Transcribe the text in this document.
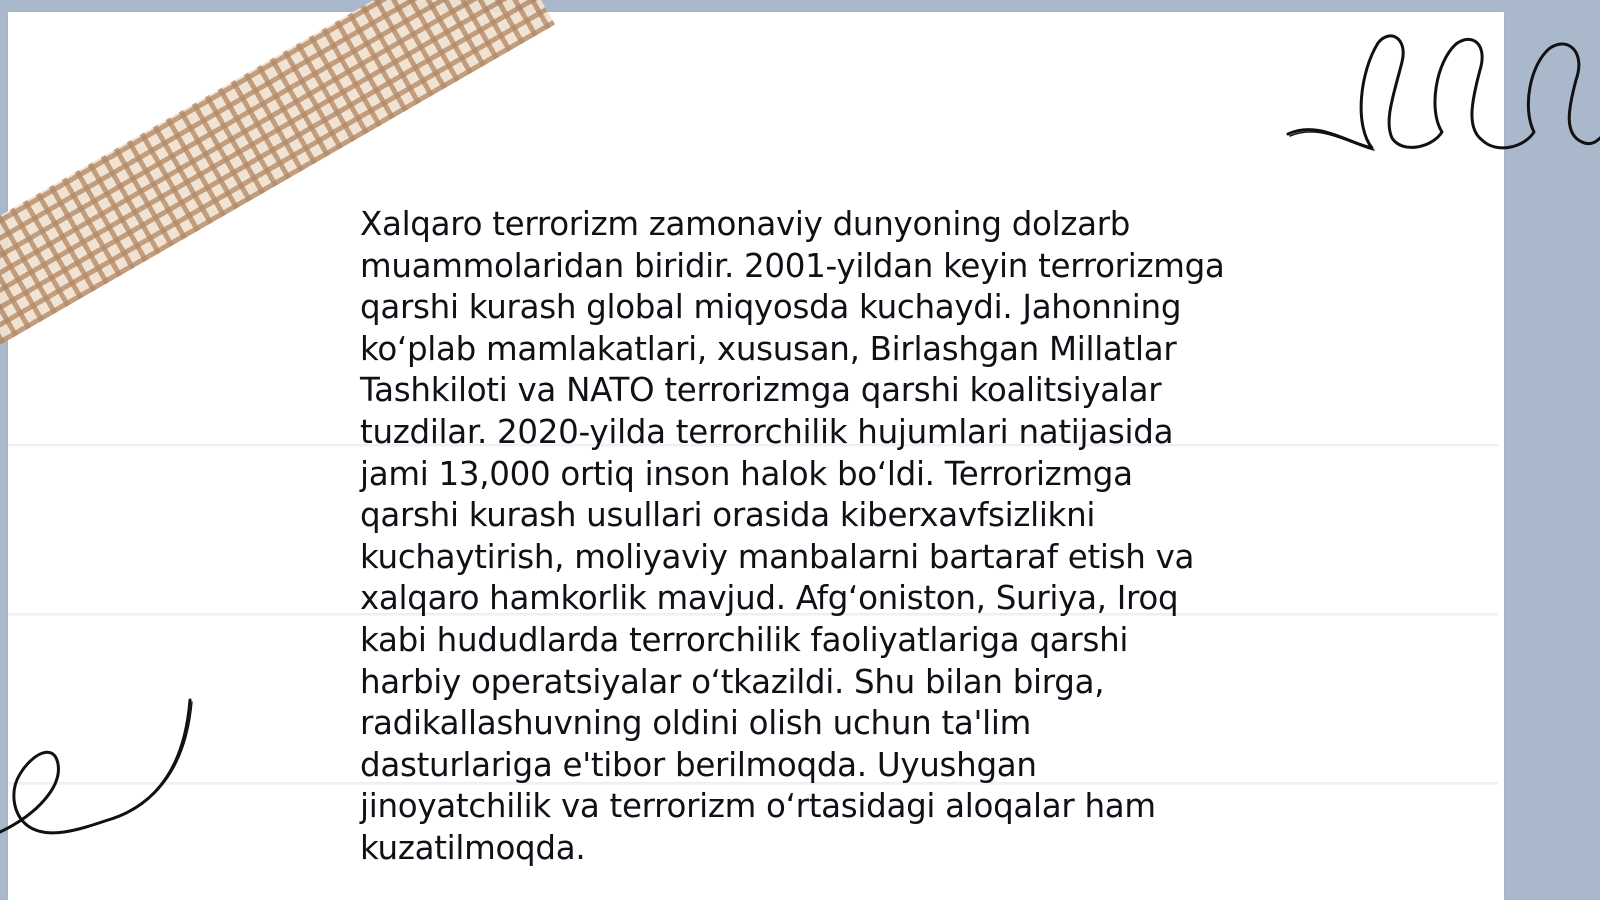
Xalqaro terrorizm zamonaviy dunyoning dolzarb
muammolaridan biridir. 2001-yildan keyin terrorizmga
qarshi kurash global miqyosda kuchaydi. Jahonning
ko‘plab mamlakatlari, xususan, Birlashgan Millatlar
Tashkiloti va NATO terrorizmga qarshi koalitsiyalar
tuzdilar. 2020-yilda terrorchilik hujumlari natijasida
jami 13,000 ortiq inson halok bo‘ldi. Terrorizmga
qarshi kurash usullari orasida kiberxavfsizlikni
kuchaytirish, moliyaviy manbalarni bartaraf etish va
xalqaro hamkorlik mavjud. Afg‘oniston, Suriya, Iroq
kabi hududlarda terrorchilik faoliyatlariga qarshi
harbiy operatsiyalar o‘tkazildi. Shu bilan birga,
radikallashuvning oldini olish uchun ta'lim
dasturlariga e'tibor berilmoqda. Uyushgan
jinoyatchilik va terrorizm o‘rtasidagi aloqalar ham
kuzatilmoqda.
